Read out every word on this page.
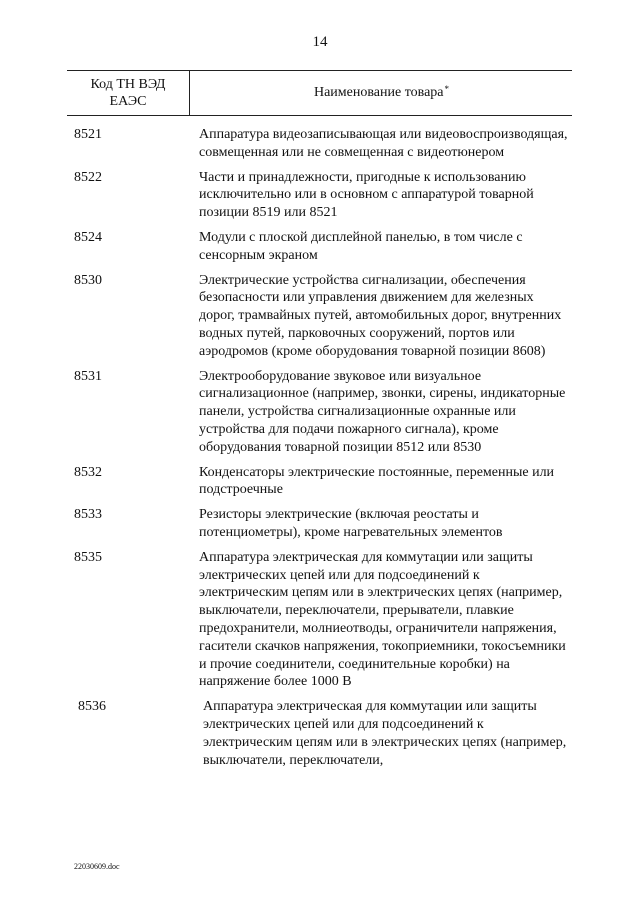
14
Код ТН ВЭД ЕАЭС
Наименование товара*
8521	Аппаратура видеозаписывающая или видеовоспроизводящая, совмещенная или не совмещенная с видеотюнером
8522	Части и принадлежности, пригодные к использованию исключительно или в основном с аппаратурой товарной позиции 8519 или 8521
8524	Модули с плоской дисплейной панелью, в том числе с сенсорным экраном
8530	Электрические устройства сигнализации, обеспечения безопасности или управления движением для железных дорог, трамвайных путей, автомобильных дорог, внутренних водных путей, парковочных сооружений, портов или аэродромов (кроме оборудования товарной позиции 8608)
8531	Электрооборудование звуковое или визуальное сигнализационное (например, звонки, сирены, индикаторные панели, устройства сигнализационные охранные или устройства для подачи пожарного сигнала), кроме оборудования товарной позиции 8512 или 8530
8532	Конденсаторы электрические постоянные, переменные или подстроечные
8533	Резисторы электрические (включая реостаты и потенциометры), кроме нагревательных элементов
8535	Аппаратура электрическая для коммутации или защиты электрических цепей или для подсоединений к электрическим цепям или в электрических цепях (например, выключатели, переключатели, прерыватели, плавкие предохранители, молниеотводы, ограничители напряжения, гасители скачков напряжения, токоприемники, токосъемники и прочие соединители, соединительные коробки) на напряжение более 1000 В
8536	Аппаратура электрическая для коммутации или защиты электрических цепей или для подсоединений к электрическим цепям или в электрических цепях (например, выключатели, переключатели,
22030609.doc
